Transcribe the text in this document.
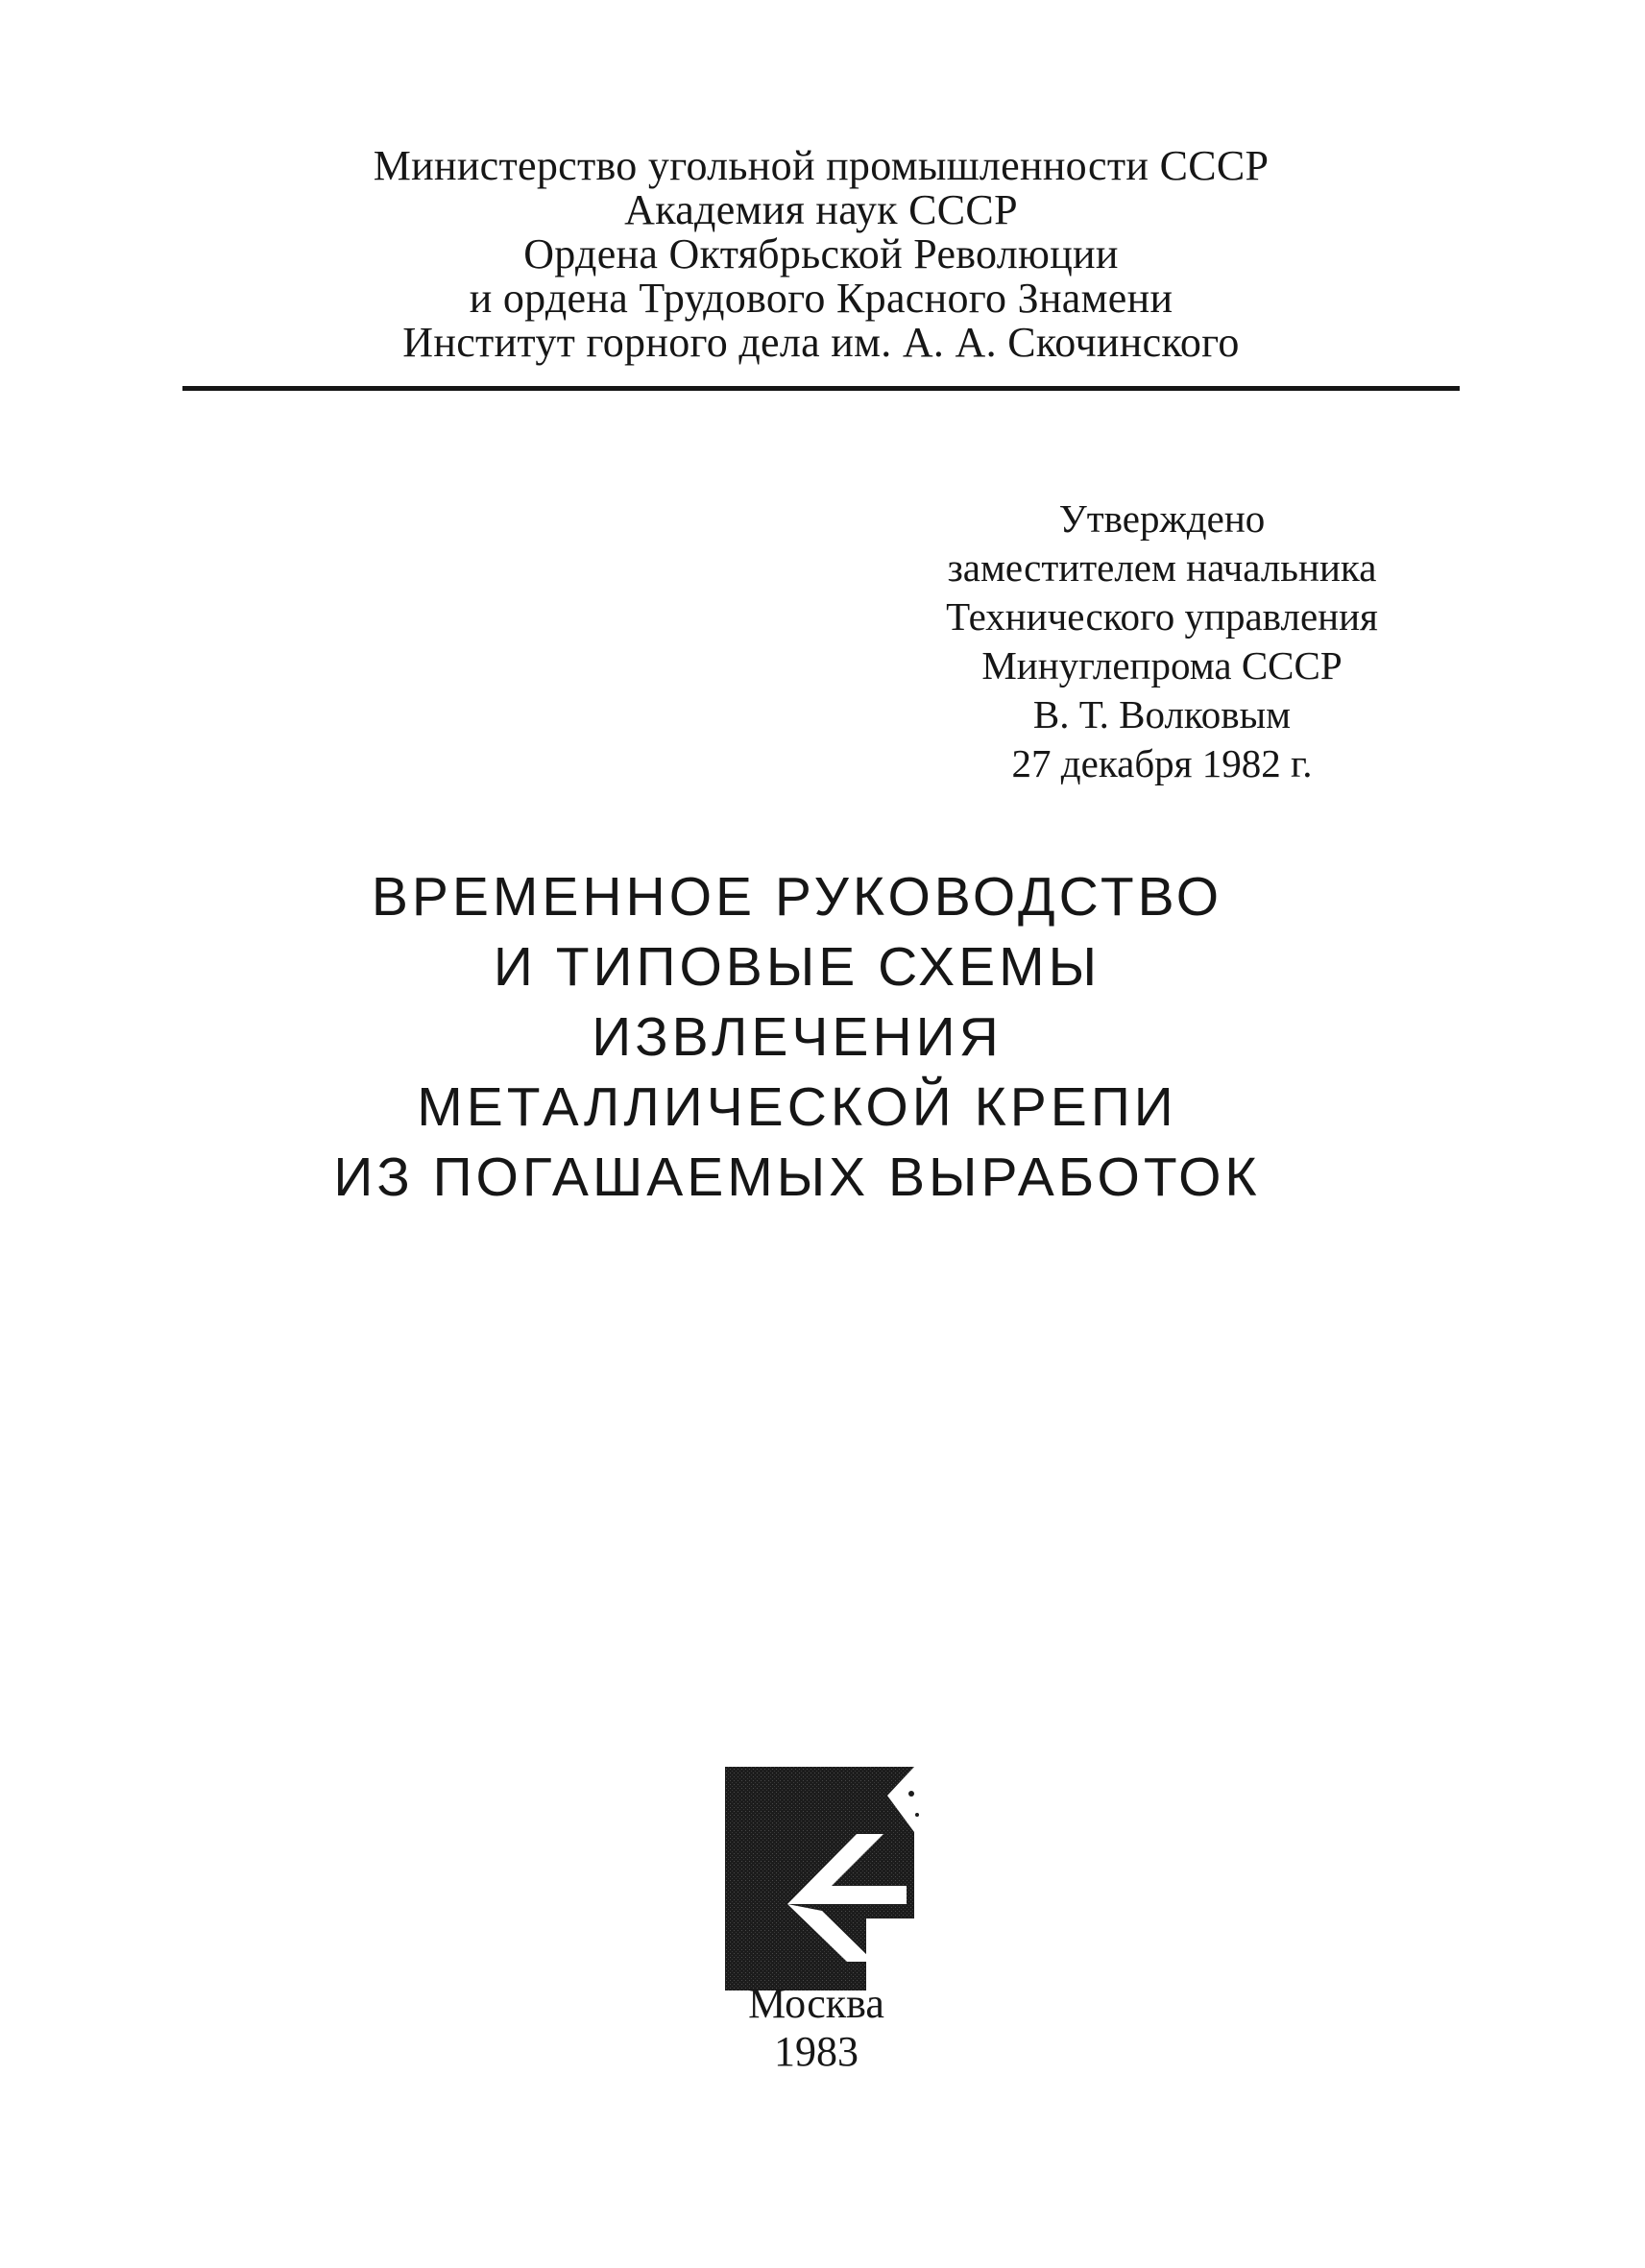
Министерство угольной промышленности СССР
Академия наук СССР
Ордена Октябрьской Революции
и ордена Трудового Красного Знамени
Институт горного дела им. А. А. Скочинского
Утверждено
заместителем начальника
Технического управления
Минуглепрома СССР
В. Т. Волковым
27 декабря 1982 г.
ВРЕМЕННОЕ РУКОВОДСТВО
И ТИПОВЫЕ СХЕМЫ
ИЗВЛЕЧЕНИЯ
МЕТАЛЛИЧЕСКОЙ КРЕПИ
ИЗ ПОГАШАЕМЫХ ВЫРАБОТОК
Москва
1983
